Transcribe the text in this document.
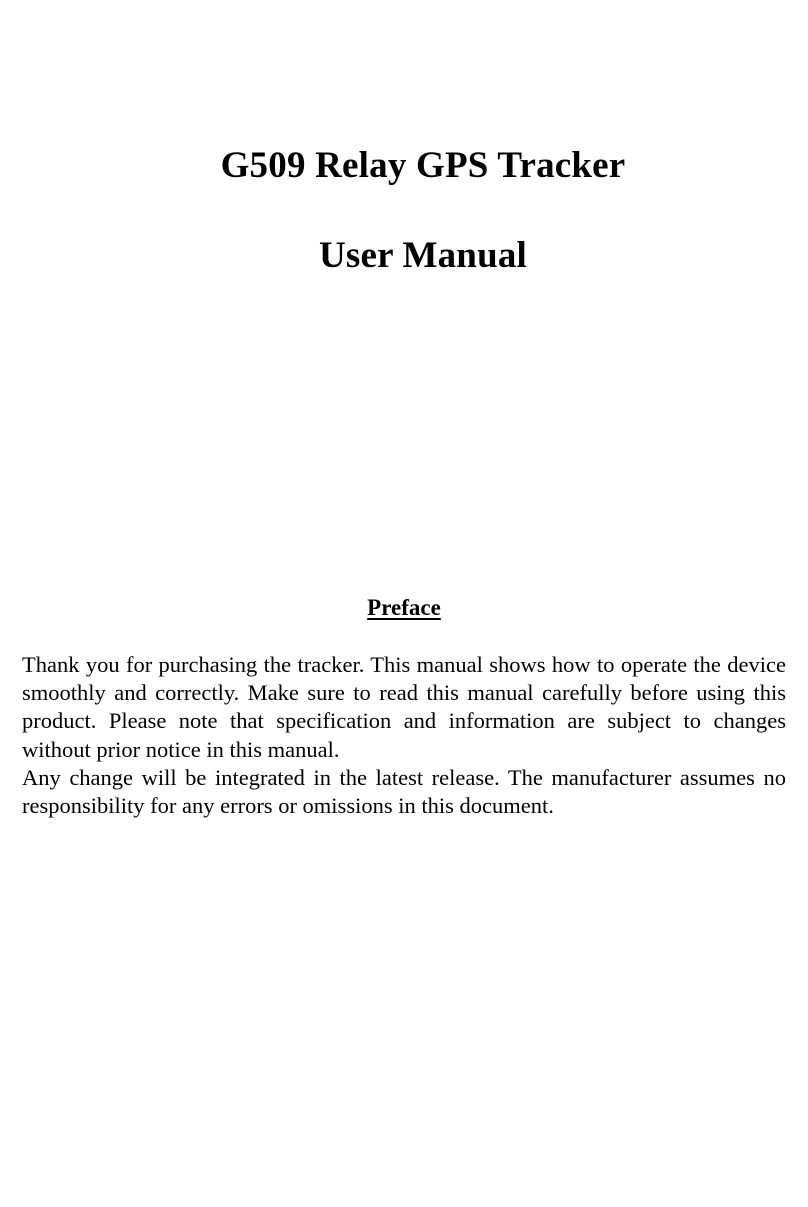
G509 Relay GPS Tracker
User Manual
Preface

Thank you for purchasing the tracker. This manual shows how to operate the device smoothly and correctly. Make sure to read this manual carefully before using this product. Please note that specification and information are subject to changes without prior notice in this manual.

Any change will be integrated in the latest release. The manufacturer assumes no responsibility for any errors or omissions in this document.
